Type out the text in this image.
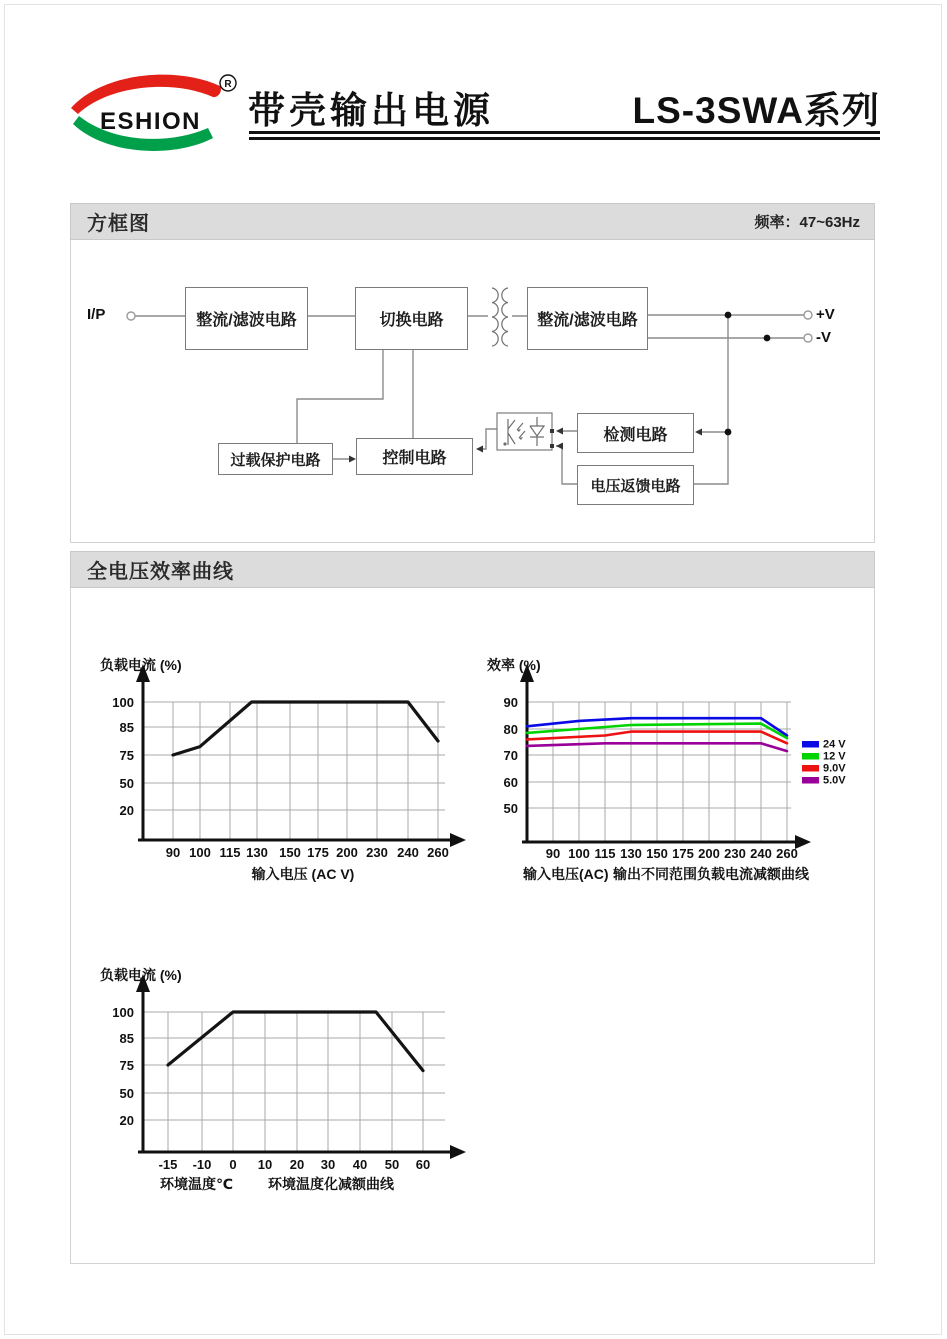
ESHION
R
带壳输出电源	LS-3SWA系列
方框图	频率：47~63Hz
I/P	整流/滤波电路	切换电路	整流/滤波电路
检测电路
电压返馈电路
控制电路
过载保护电路
+V
-V
全电压效率曲线
100
85
75
50
20
90 100 115 130 150 175 200 230 240 260
负载电流 (%)
输入电压 (AC V)
90
80
70
60
50
90 100 115 130 150 175 200 230 240 260
效率 (%)
输入电压(AC) 输出不同范围负载电流减额曲线
24 V
12 V
9.0V
5.0V
100
85
75
50
20
-15 -10 0 10 20 30 40 50 60
负载电流 (%)
环境温度℃	环境温度化减额曲线
